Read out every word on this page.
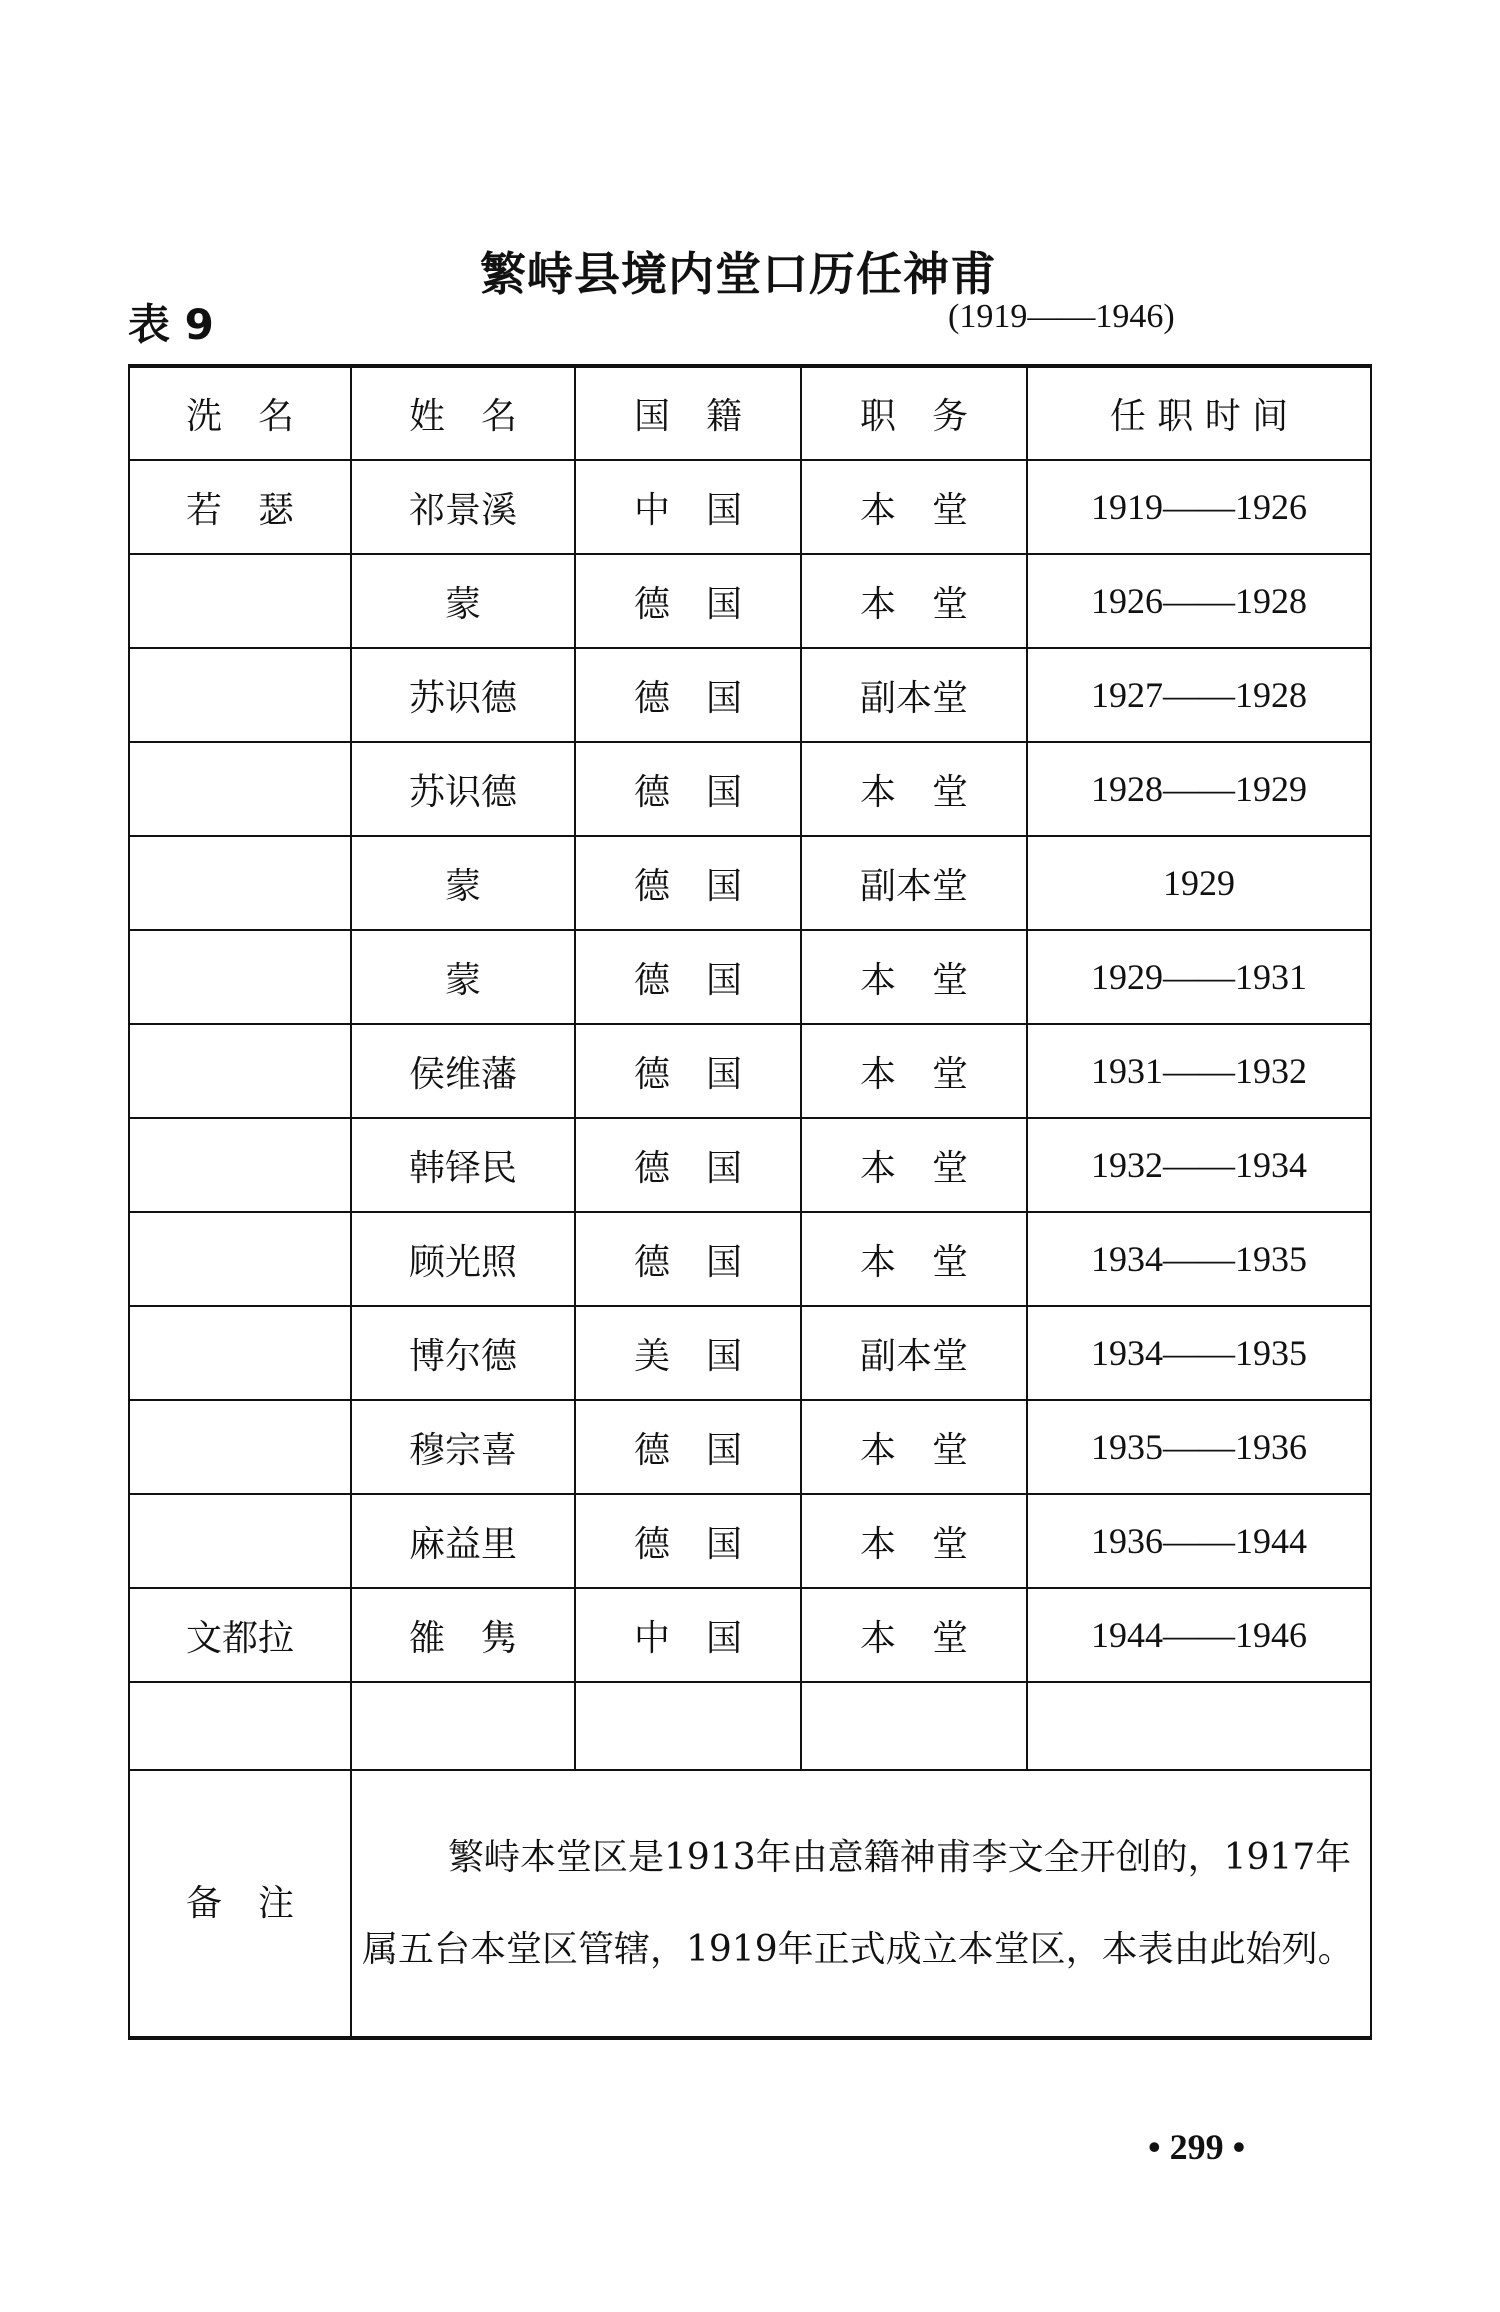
繁峙县境内堂口历任神甫
表 9	(1919——1946)
洗　名	姓　名	国　籍	职　务	任 职 时 间
若　瑟	祁景溪	中　国	本　堂	1919——1926
	蒙	德　国	本　堂	1926——1928
	苏识德	德　国	副本堂	1927——1928
	苏识德	德　国	本　堂	1928——1929
	蒙	德　国	副本堂	1929
	蒙	德　国	本　堂	1929——1931
	侯维藩	德　国	本　堂	1931——1932
	韩铎民	德　国	本　堂	1932——1934
	顾光照	德　国	本　堂	1934——1935
	博尔德	美　国	副本堂	1934——1935
	穆宗喜	德　国	本　堂	1935——1936
	麻益里	德　国	本　堂	1936——1944
文都拉	雒　隽	中　国	本　堂	1944——1946

备　注	繁峙本堂区是1913年由意籍神甫李文全开创的，1917年属五台本堂区管辖，1919年正式成立本堂区，本表由此始列。			
• 299 •
